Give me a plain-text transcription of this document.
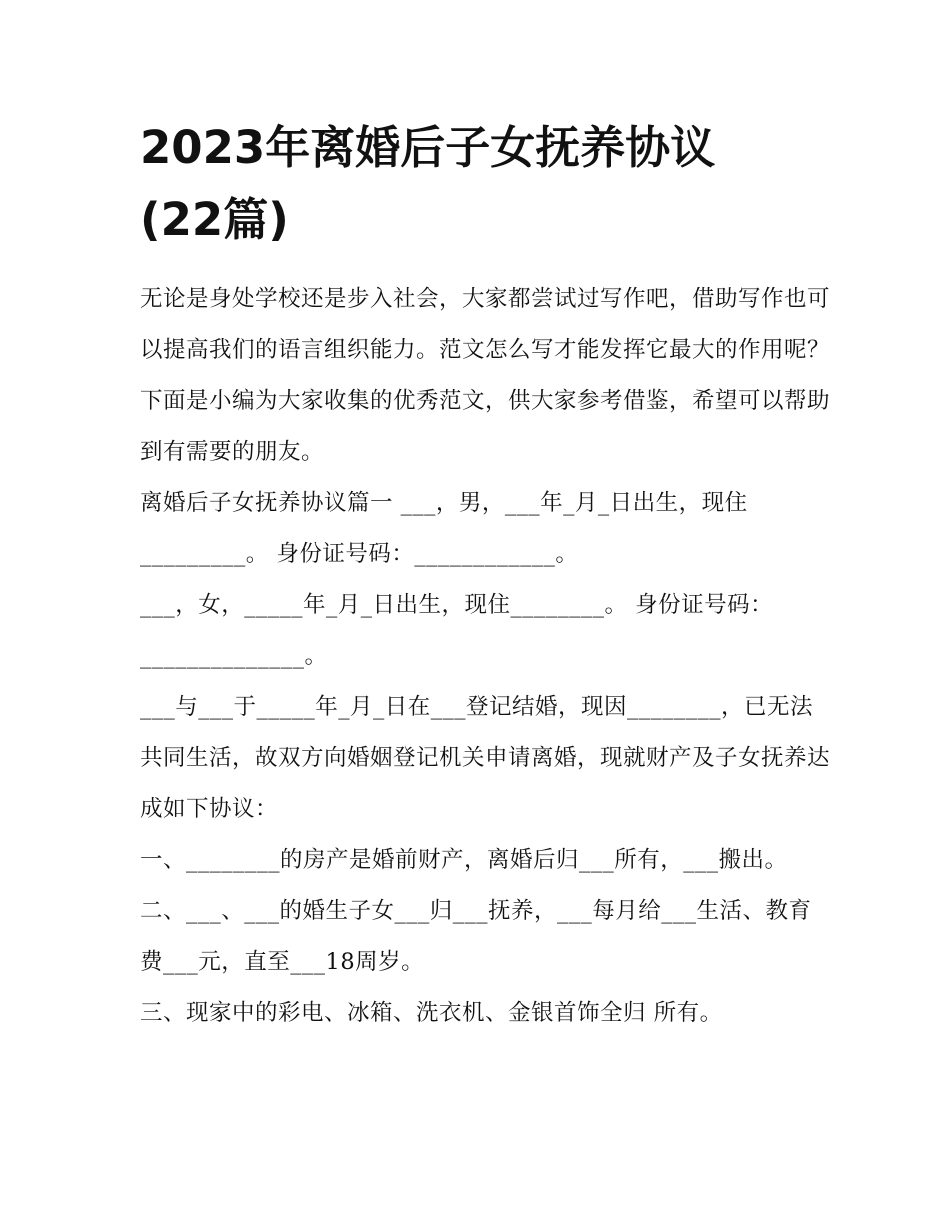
2023年离婚后子女抚养协议
(22篇)

无论是身处学校还是步入社会，大家都尝试过写作吧，借助写作也可以提高我们的语言组织能力。范文怎么写才能发挥它最大的作用呢？下面是小编为大家收集的优秀范文，供大家参考借鉴，希望可以帮助到有需要的朋友。

离婚后子女抚养协议篇一 ___，男，___年_月_日出生，现住_________。 身份证号码：____________。

___，女，_____年_月_日出生，现住________。 身份证号码：______________。

___与___于_____年_月_日在___登记结婚，现因________，已无法共同生活，故双方向婚姻登记机关申请离婚，现就财产及子女抚养达成如下协议：

一、________的房产是婚前财产，离婚后归___所有，___搬出。

二、___、___的婚生子女___归___抚养，___每月给___生活、教育费___元，直至___18周岁。

三、现家中的彩电、冰箱、洗衣机、金银首饰全归 所有。
